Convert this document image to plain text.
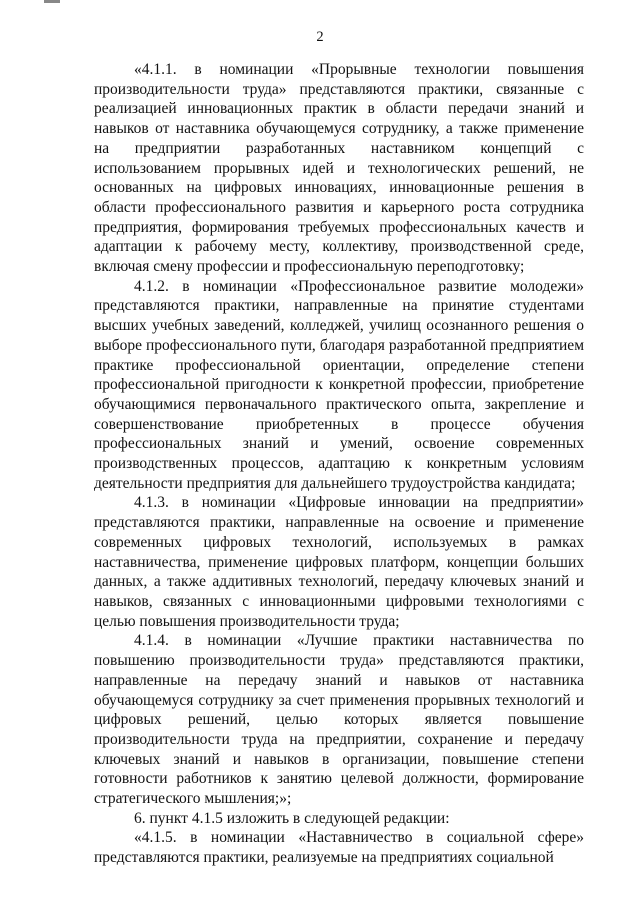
2

«4.1.1. в номинации «Прорывные технологии повышения производительности труда» представляются практики, связанные с реализацией инновационных практик в области передачи знаний и навыков от наставника обучающемуся сотруднику, а также применение на предприятии разработанных наставником концепций с использованием прорывных идей и технологических решений, не основанных на цифровых инновациях, инновационные решения в области профессионального развития и карьерного роста сотрудника предприятия, формирования требуемых профессиональных качеств и адаптации к рабочему месту, коллективу, производственной среде, включая смену профессии и профессиональную переподготовку;

4.1.2. в номинации «Профессиональное развитие молодежи» представляются практики, направленные на принятие студентами высших учебных заведений, колледжей, училищ осознанного решения о выборе профессионального пути, благодаря разработанной предприятием практике профессиональной ориентации, определение степени профессиональной пригодности к конкретной профессии, приобретение обучающимися первоначального практического опыта, закрепление и совершенствование приобретенных в процессе обучения профессиональных знаний и умений, освоение современных производственных процессов, адаптацию к конкретным условиям деятельности предприятия для дальнейшего трудоустройства кандидата;

4.1.3. в номинации «Цифровые инновации на предприятии» представляются практики, направленные на освоение и применение современных цифровых технологий, используемых в рамках наставничества, применение цифровых платформ, концепции больших данных, а также аддитивных технологий, передачу ключевых знаний и навыков, связанных с инновационными цифровыми технологиями с целью повышения производительности труда;

4.1.4. в номинации «Лучшие практики наставничества по повышению производительности труда» представляются практики, направленные на передачу знаний и навыков от наставника обучающемуся сотруднику за счет применения прорывных технологий и цифровых решений, целью которых является повышение производительности труда на предприятии, сохранение и передачу ключевых знаний и навыков в организации, повышение степени готовности работников к занятию целевой должности, формирование стратегического мышления;»;

6. пункт 4.1.5 изложить в следующей редакции:

«4.1.5. в номинации «Наставничество в социальной сфере» представляются практики, реализуемые на предприятиях социальной
